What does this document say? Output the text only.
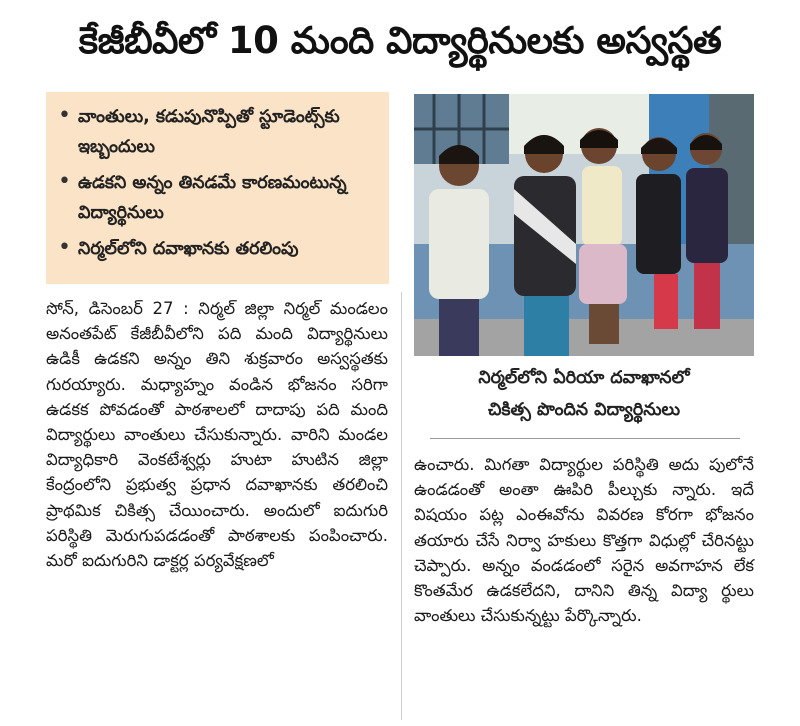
కేజీబీవీలో 10 మంది విద్యార్థినులకు అస్వస్థత
• వాంతులు, కడుపునొప్పితో స్టూడెంట్స్‌కు ఇబ్బందులు
• ఉడకని అన్నం తినడమే కారణమంటున్న విద్యార్థినులు
• నిర్మల్‌లోని దవాఖానకు తరలింపు
సోన్, డిసెంబర్ 27 : నిర్మల్ జిల్లా నిర్మల్ మండలం అనంతపేట్ కేజీబీవీలోని పది మంది విద్యార్థినులు ఉడికీ ఉడకని అన్నం తిని శుక్రవారం అస్వస్థతకు గురయ్యారు. మధ్యాహ్నం వండిన భోజనం సరిగా ఉడకక పోవడంతో పాఠశాలలో దాదాపు పది మంది విద్యార్థులు వాంతులు చేసుకున్నారు. వారిని మండల విద్యాధికారి వెంకటేశ్వర్లు హుటా హుటిన జిల్లా కేంద్రంలోని ప్రభుత్వ ప్రధాన దవాఖానకు తరలించి ప్రాథమిక చికిత్స చేయించారు. అందులో ఐదుగురి పరిస్థితి మెరుగుపడడంతో పాఠశాలకు పంపించారు. మరో ఐదుగురిని డాక్టర్ల పర్యవేక్షణలో
నిర్మల్‌లోని ఏరియా దవాఖానలో
చికిత్స పొందిన విద్యార్థినులు
ఉంచారు. మిగతా విద్యార్థుల పరిస్థితి అదు పులోనే ఉండడంతో అంతా ఊపిరి పీల్చుకు న్నారు. ఇదే విషయం పట్ల ఎంఈవోను వివరణ కోరగా భోజనం తయారు చేసే నిర్వా హకులు కొత్తగా విధుల్లో చేరినట్టు చెప్పారు. అన్నం వండడంలో సరైన అవగాహన లేక కొంతమేర ఉడకలేదని, దానిని తిన్న విద్యా ర్థులు వాంతులు చేసుకున్నట్టు పేర్కొన్నారు.
